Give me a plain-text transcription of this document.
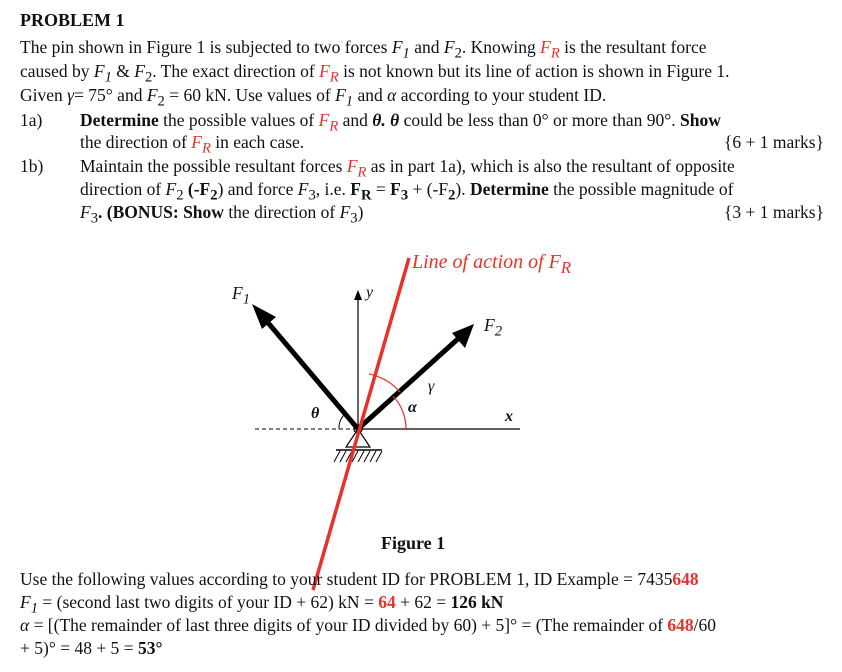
PROBLEM 1
The pin shown in Figure 1 is subjected to two forces $F_1$ and $F_2$. Knowing $F_R$ is the resultant force
caused by $F_1$ & $F_2$. The exact direction of $F_R$ is not known but its line of action is shown in Figure 1.
Given γ= 75° and $F_2 = 60$ kN. Use values of $F_1$ and α according to your student ID.
1a) Determine the possible values of $F_R$ and θ. θ could be less than 0° or more than 90°. Show
the direction of $F_R$ in each case.	{6 + 1 marks}
1b) Maintain the possible resultant forces $F_R$ as in part 1a), which is also the resultant of opposite
direction of $F_2$ $(-F_2)$ and force $F_3$, i.e. $F_R = F_3 + (-F_2)$. Determine the possible magnitude of
$F_3$. (BONUS: Show the direction of $F_3$)	{3 + 1 marks}
Line of action of $F_R$
$F_1$	y
$F_2$
γ
α
θ	x
Figure 1
Use the following values according to your student ID for PROBLEM 1, ID Example = 7435648
$F_1$ = (second last two digits of your ID + 62) kN = 64 + 62 = 126 kN
α = [(The remainder of last three digits of your ID divided by 60) + 5]° = (The remainder of 648/60
+ 5)° = 48 + 5 = 53°
